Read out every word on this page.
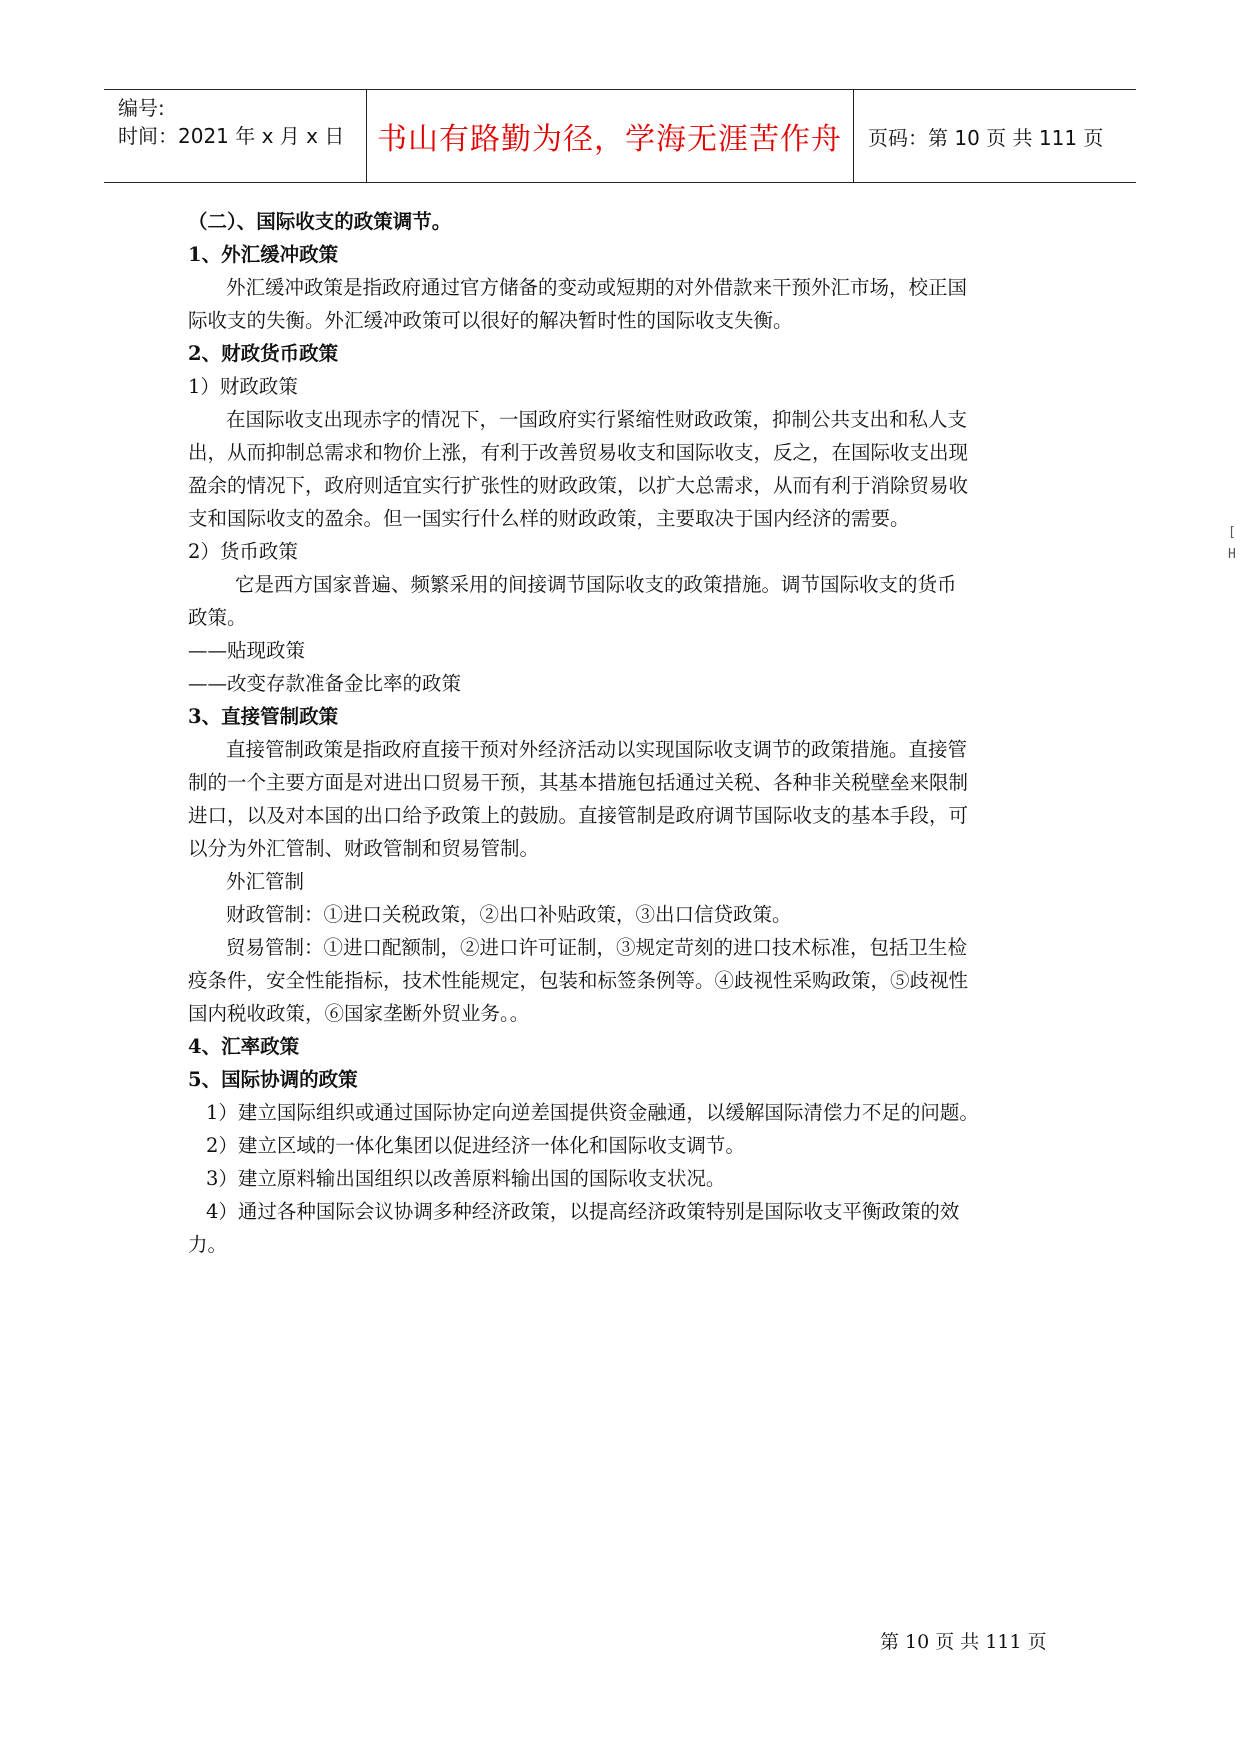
编号:
时间：2021 年 x 月 x 日	书山有路勤为径，学海无涯苦作舟	页码：第 10 页 共 111 页
[
H
（二）、国际收支的政策调节。
1、外汇缓冲政策
外汇缓冲政策是指政府通过官方储备的变动或短期的对外借款来干预外汇市场，校正国
际收支的失衡。外汇缓冲政策可以很好的解决暂时性的国际收支失衡。
2、财政货币政策
1）财政政策
在国际收支出现赤字的情况下，一国政府实行紧缩性财政政策，抑制公共支出和私人支
出，从而抑制总需求和物价上涨，有利于改善贸易收支和国际收支，反之，在国际收支出现
盈余的情况下，政府则适宜实行扩张性的财政政策，以扩大总需求，从而有利于消除贸易收
支和国际收支的盈余。但一国实行什么样的财政政策，主要取决于国内经济的需要。
2）货币政策
它是西方国家普遍、频繁采用的间接调节国际收支的政策措施。调节国际收支的货币
政策。
——贴现政策
——改变存款准备金比率的政策
3、直接管制政策
直接管制政策是指政府直接干预对外经济活动以实现国际收支调节的政策措施。直接管
制的一个主要方面是对进出口贸易干预，其基本措施包括通过关税、各种非关税壁垒来限制
进口，以及对本国的出口给予政策上的鼓励。直接管制是政府调节国际收支的基本手段，可
以分为外汇管制、财政管制和贸易管制。
外汇管制
财政管制：①进口关税政策，②出口补贴政策，③出口信贷政策。
贸易管制：①进口配额制，②进口许可证制，③规定苛刻的进口技术标准，包括卫生检
疫条件，安全性能指标，技术性能规定，包装和标签条例等。④歧视性采购政策，⑤歧视性
国内税收政策，⑥国家垄断外贸业务。。
4、汇率政策
5、国际协调的政策
1）建立国际组织或通过国际协定向逆差国提供资金融通，以缓解国际清偿力不足的问题。
2）建立区域的一体化集团以促进经济一体化和国际收支调节。
3）建立原料输出国组织以改善原料输出国的国际收支状况。
4）通过各种国际会议协调多种经济政策，以提高经济政策特别是国际收支平衡政策的效
力。
第 10 页 共 111 页
